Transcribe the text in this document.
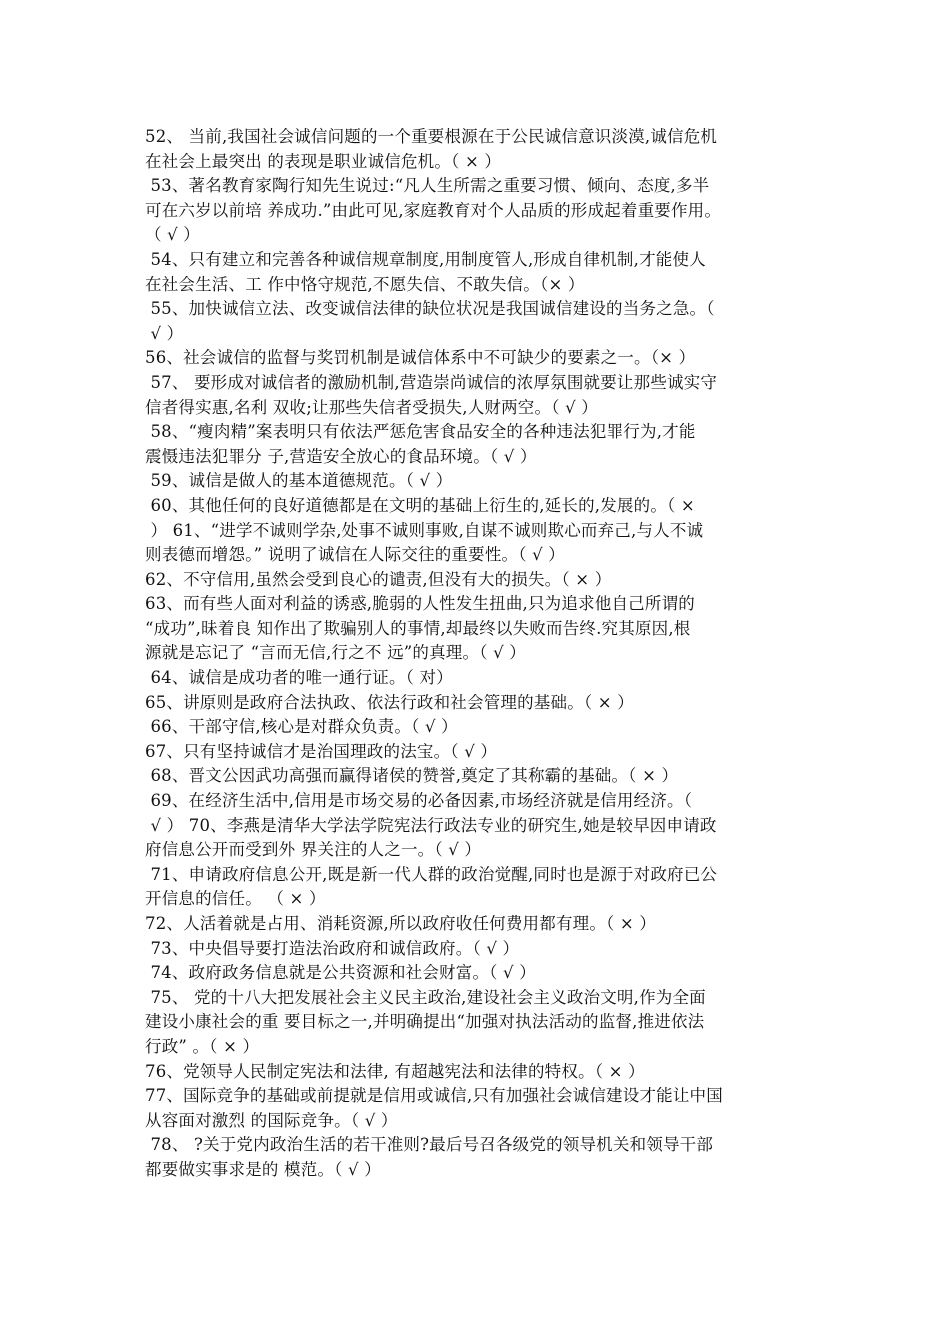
52、 当前,我国社会诚信问题的一个重要根源在于公民诚信意识淡漠,诚信危机
在社会上最突出 的表现是职业诚信危机。（ × ）
53、著名教育家陶行知先生说过:“凡人生所需之重要习惯、倾向、态度,多半
可在六岁以前培 养成功.”由此可见,家庭教育对个人品质的形成起着重要作用。
（ √ ）
54、只有建立和完善各种诚信规章制度,用制度管人,形成自律机制,才能使人
在社会生活、工 作中恪守规范,不愿失信、不敢失信。（× ）
55、加快诚信立法、改变诚信法律的缺位状况是我国诚信建设的当务之急。（
√ ）
56、社会诚信的监督与奖罚机制是诚信体系中不可缺少的要素之一。（× ）
57、 要形成对诚信者的激励机制,营造崇尚诚信的浓厚氛围就要让那些诚实守
信者得实惠,名利 双收;让那些失信者受损失,人财两空。（ √ ）
58、“瘦肉精”案表明只有依法严惩危害食品安全的各种违法犯罪行为,才能
震慑违法犯罪分 子,营造安全放心的食品环境。（ √ ）
59、诚信是做人的基本道德规范。（ √ ）
60、其他任何的良好道德都是在文明的基础上衍生的,延长的,发展的。（ ×
） 61、“进学不诚则学杂,处事不诚则事败,自谋不诚则欺心而弃己,与人不诚
则表德而增怨。” 说明了诚信在人际交往的重要性。（ √ ）
62、不守信用,虽然会受到良心的谴责,但没有大的损失。（ × ）
63、而有些人面对利益的诱惑,脆弱的人性发生扭曲,只为追求他自己所谓的
“成功”,昧着良 知作出了欺骗别人的事情,却最终以失败而告终.究其原因,根
源就是忘记了 “言而无信,行之不 远”的真理。（ √ ）
64、诚信是成功者的唯一通行证。（ 对）
65、讲原则是政府合法执政、依法行政和社会管理的基础。（ × ）
66、干部守信,核心是对群众负责。（ √ ）
67、只有坚持诚信才是治国理政的法宝。（ √ ）
68、晋文公因武功高强而赢得诸侯的赞誉,奠定了其称霸的基础。（ × ）
69、在经济生活中,信用是市场交易的必备因素,市场经济就是信用经济。（
√ ） 70、李燕是清华大学法学院宪法行政法专业的研究生,她是较早因申请政
府信息公开而受到外 界关注的人之一。（ √ ）
71、申请政府信息公开,既是新一代人群的政治觉醒,同时也是源于对政府已公
开信息的信任。 （ × ）
72、人活着就是占用、消耗资源,所以政府收任何费用都有理。（ × ）
73、中央倡导要打造法治政府和诚信政府。（ √ ）
74、政府政务信息就是公共资源和社会财富。（ √ ）
75、 党的十八大把发展社会主义民主政治,建设社会主义政治文明,作为全面
建设小康社会的重 要目标之一,并明确提出“加强对执法活动的监督,推进依法
行政” 。（ × ）
76、党领导人民制定宪法和法律, 有超越宪法和法律的特权。（ × ）
77、国际竞争的基础或前提就是信用或诚信,只有加强社会诚信建设才能让中国
从容面对激烈 的国际竞争。（ √ ）
78、 ?关于党内政治生活的若干准则?最后号召各级党的领导机关和领导干部
都要做实事求是的 模范。（ √ ）
